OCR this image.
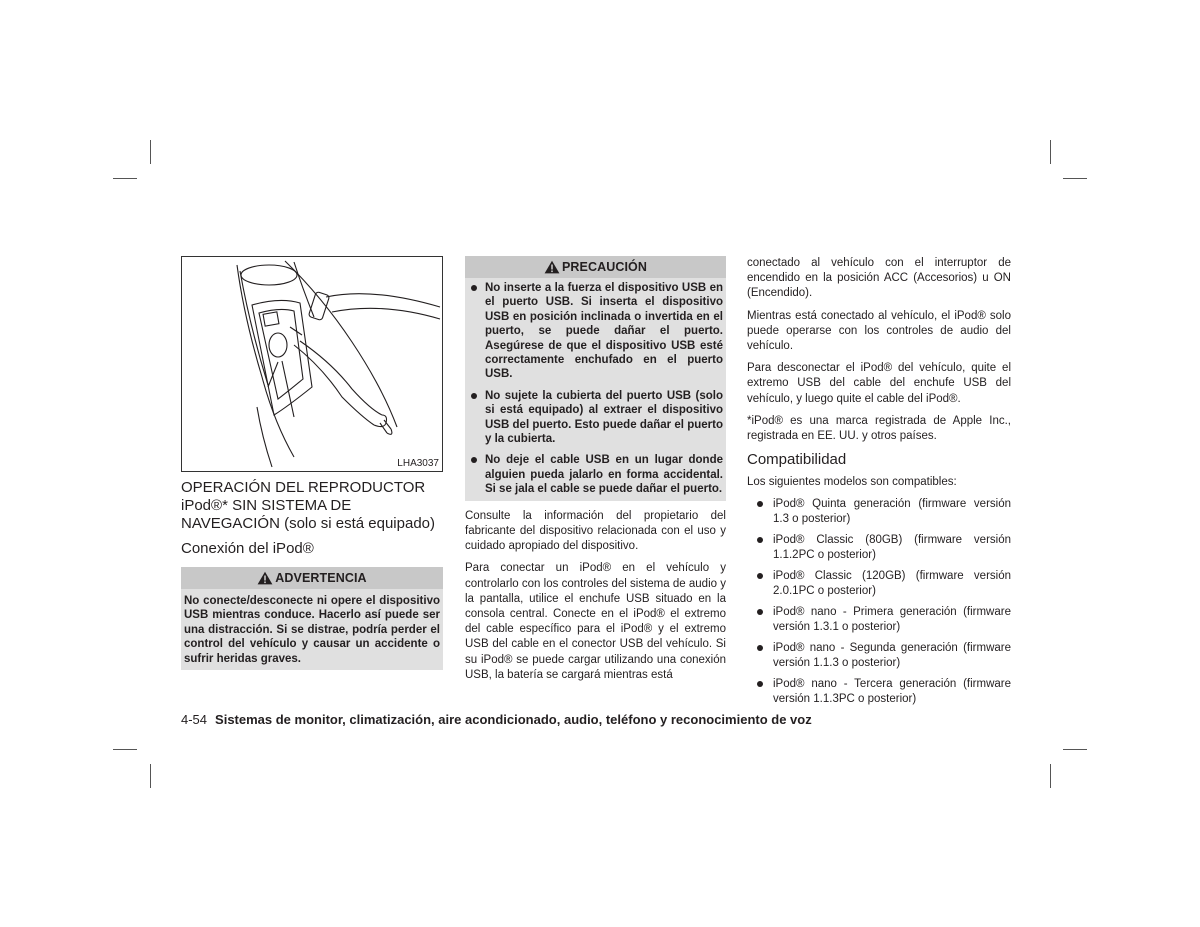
LHA3037
OPERACIÓN DEL REPRODUCTOR
iPod®* SIN SISTEMA DE
NAVEGACIÓN (solo si está equipado)
Conexión del iPod®
ADVERTENCIA
No conecte/desconecte ni opere el dispositivo USB mientras conduce. Hacerlo así puede ser una distracción. Si se distrae, podría perder el control del vehículo y causar un accidente o sufrir heridas graves.
PRECAUCIÓN
No inserte a la fuerza el dispositivo USB en el puerto USB. Si inserta el dispositivo USB en posición inclinada o invertida en el puerto, se puede dañar el puerto. Asegúrese de que el dispositivo USB esté correctamente enchufado en el puerto USB.
No sujete la cubierta del puerto USB (solo si está equipado) al extraer el dispositivo USB del puerto. Esto puede dañar el puerto y la cubierta.
No deje el cable USB en un lugar donde alguien pueda jalarlo en forma accidental. Si se jala el cable se puede dañar el puerto.

Consulte la información del propietario del fabricante del dispositivo relacionada con el uso y cuidado apropiado del dispositivo.

Para conectar un iPod® en el vehículo y controlarlo con los controles del sistema de audio y la pantalla, utilice el enchufe USB situado en la consola central. Conecte en el iPod® el extremo del cable específico para el iPod® y el extremo USB del cable en el conector USB del vehículo. Si su iPod® se puede cargar utilizando una conexión USB, la batería se cargará mientras está

conectado al vehículo con el interruptor de encendido en la posición ACC (Accesorios) u ON (Encendido).

Mientras está conectado al vehículo, el iPod® solo puede operarse con los controles de audio del vehículo.

Para desconectar el iPod® del vehículo, quite el extremo USB del cable del enchufe USB del vehículo, y luego quite el cable del iPod®.

*iPod® es una marca registrada de Apple Inc., registrada en EE. UU. y otros países.

Compatibilidad

Los siguientes modelos son compatibles:

iPod® Quinta generación (firmware versión 1.3 o posterior)
iPod® Classic (80GB) (firmware versión 1.1.2PC o posterior)
iPod® Classic (120GB) (firmware versión 2.0.1PC o posterior)
iPod® nano - Primera generación (firmware versión 1.3.1 o posterior)
iPod® nano - Segunda generación (firmware versión 1.1.3 o posterior)
iPod® nano - Tercera generación (firmware versión 1.1.3PC o posterior)
4-54 Sistemas de monitor, climatización, aire acondicionado, audio, teléfono y reconocimiento de voz
